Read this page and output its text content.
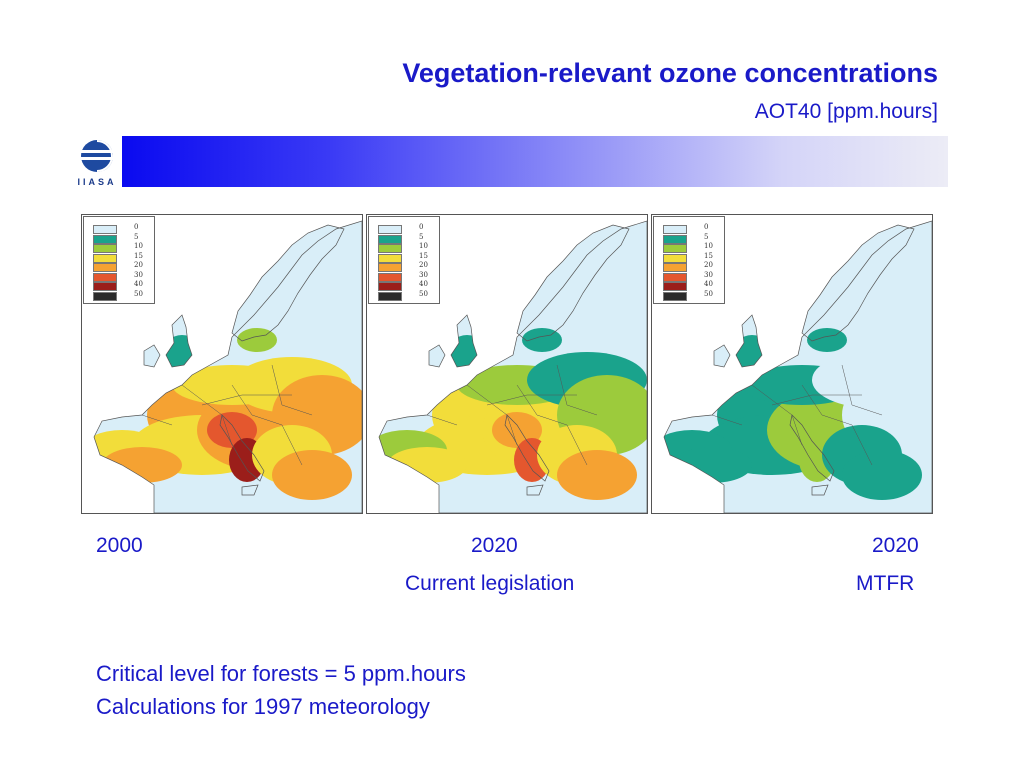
Vegetation-relevant ozone concentrations
AOT40 [ppm.hours]
IIASA
0
5
10
15
20
30
40
50
0
5
10
15
20
30
40
50
0
5
10
15
20
30
40
50
2000	2020
Current legislation
2020
MTFR
Critical level for forests = 5 ppm.hours
Calculations for 1997 meteorology
